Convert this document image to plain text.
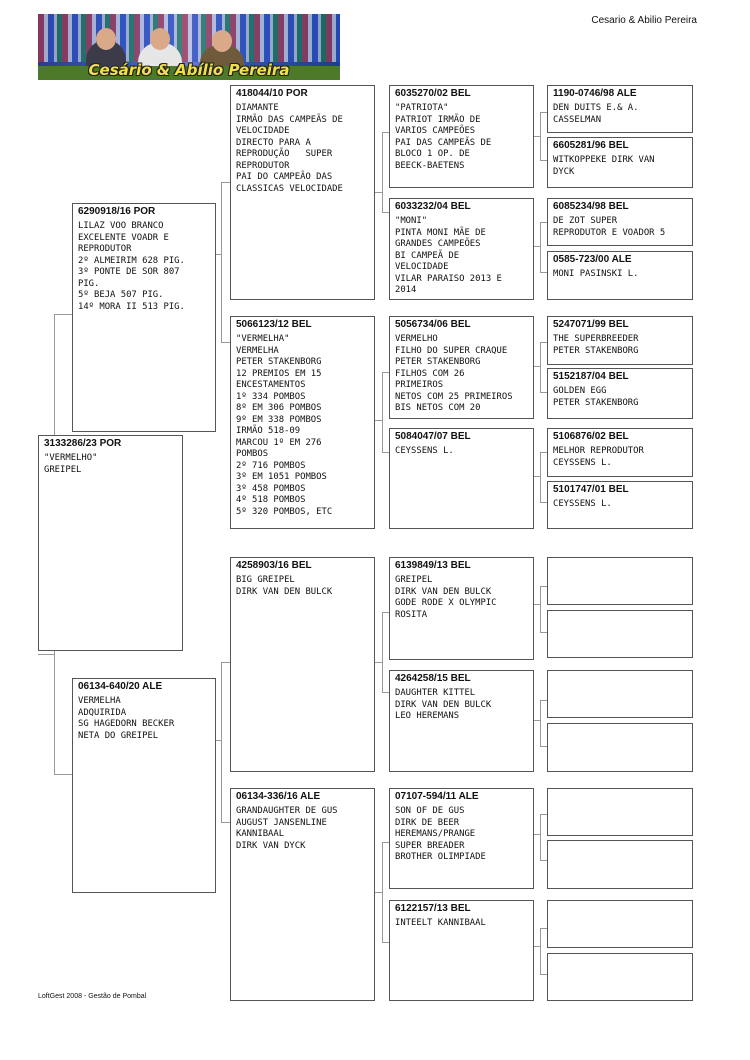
Cesário & Abílio Pereira
Cesario & Abilio Pereira
3133286/23 POR
"VERMELHO"
GREIPEL
6290918/16 POR
LILAZ VOO BRANCO
EXCELENTE VOADR E
REPRODUTOR
2º ALMEIRIM 628 PIG.
3º PONTE DE SOR 807
PIG.
5º BEJA 507 PIG.
14º MORA II 513 PIG.
06134-640/20 ALE
VERMELHA
ADQUIRIDA
SG HAGEDORN BECKER
NETA DO GREIPEL
418044/10 POR
DIAMANTE
IRMÃO DAS CAMPEÃS DE
VELOCIDADE
DIRECTO PARA A
REPRODUÇÃO   SUPER
REPRODUTOR
PAI DO CAMPEÃO DAS
CLASSICAS VELOCIDADE
5066123/12 BEL
"VERMELHA"
VERMELHA
PETER STAKENBORG
12 PREMIOS EM 15
ENCESTAMENTOS
1º 334 POMBOS
8º EM 306 POMBOS
9º EM 338 POMBOS
IRMÃO 518-09
MARCOU 1º EM 276
POMBOS
2º 716 POMBOS
3º EM 1051 POMBOS
3º 458 POMBOS
4º 518 POMBOS
5º 320 POMBOS, ETC
4258903/16 BEL
BIG GREIPEL
DIRK VAN DEN BULCK
06134-336/16 ALE
GRANDAUGHTER DE GUS
AUGUST JANSENLINE
KANNIBAAL
DIRK VAN DYCK
6035270/02 BEL
"PATRIOTA"
PATRIOT IRMÃO DE
VARIOS CAMPEÕES
PAI DAS CAMPEÃS DE
BLOCO 1 OP. DE
BEECK-BAETENS
6033232/04 BEL
"MONI"
PINTA MONI MÃE DE
GRANDES CAMPEÕES
BI CAMPEÃ DE
VELOCIDADE
VILAR PARAISO 2013 E
2014
5056734/06 BEL
VERMELHO
FILHO DO SUPER CRAQUE
PETER STAKENBORG
FILHOS COM 26
PRIMEIROS
NETOS COM 25 PRIMEIROS
BIS NETOS COM 20
5084047/07 BEL
CEYSSENS L.
6139849/13 BEL
GREIPEL
DIRK VAN DEN BULCK
GODE RODE X OLYMPIC
ROSITA
4264258/15 BEL
DAUGHTER KITTEL
DIRK VAN DEN BULCK
LEO HEREMANS
07107-594/11 ALE
SON OF DE GUS
DIRK DE BEER
HEREMANS/PRANGE
SUPER BREADER
BROTHER OLIMPIADE
6122157/13 BEL
INTEELT KANNIBAAL
1190-0746/98 ALE
DEN DUITS E.& A.
CASSELMAN
6605281/96 BEL
WITKOPPEKE DIRK VAN
DYCK
6085234/98 BEL
DE ZOT SUPER
REPRODUTOR E VOADOR 5
0585-723/00 ALE
MONI PASINSKI L.
5247071/99 BEL
THE SUPERBREEDER
PETER STAKENBORG
5152187/04 BEL
GOLDEN EGG
PETER STAKENBORG
5106876/02 BEL
MELHOR REPRODUTOR
CEYSSENS L.
5101747/01 BEL
CEYSSENS L.
LoftGest 2008 - Gestão de Pombal
